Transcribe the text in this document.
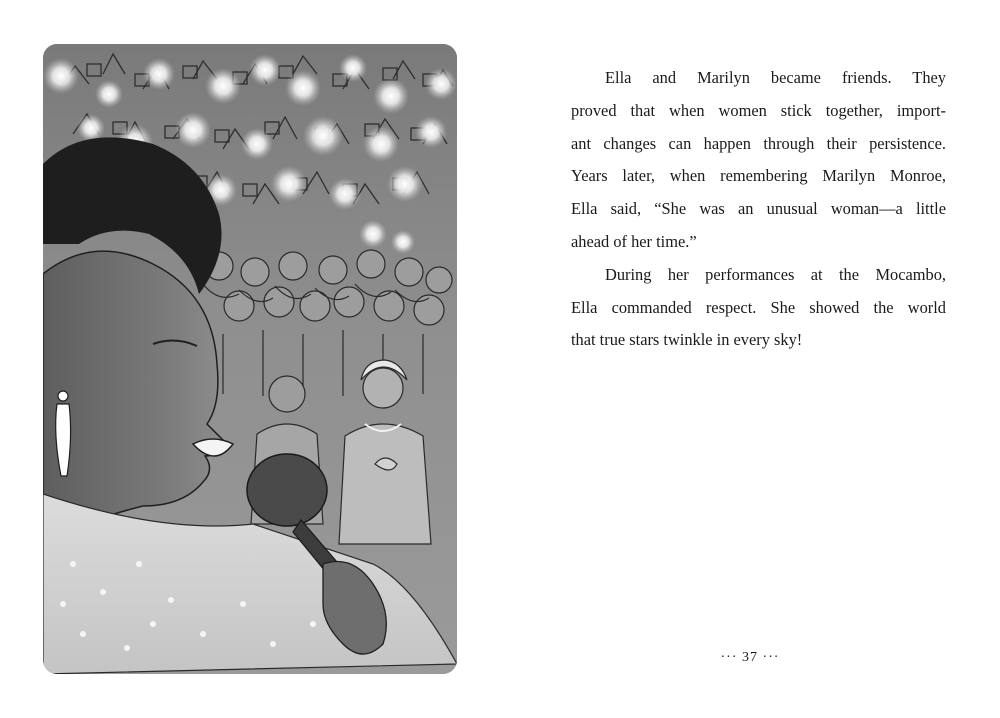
Ella and Marilyn became friends. They
proved that when women stick together, import-
ant changes can happen through their persistence.
Years later, when remembering Marilyn Monroe,
Ella said, “She was an unusual woman—a little
ahead of her time.”

During her performances at the Mocambo,
Ella commanded respect. She showed the world
that true stars twinkle in every sky!

··· 37 ···
